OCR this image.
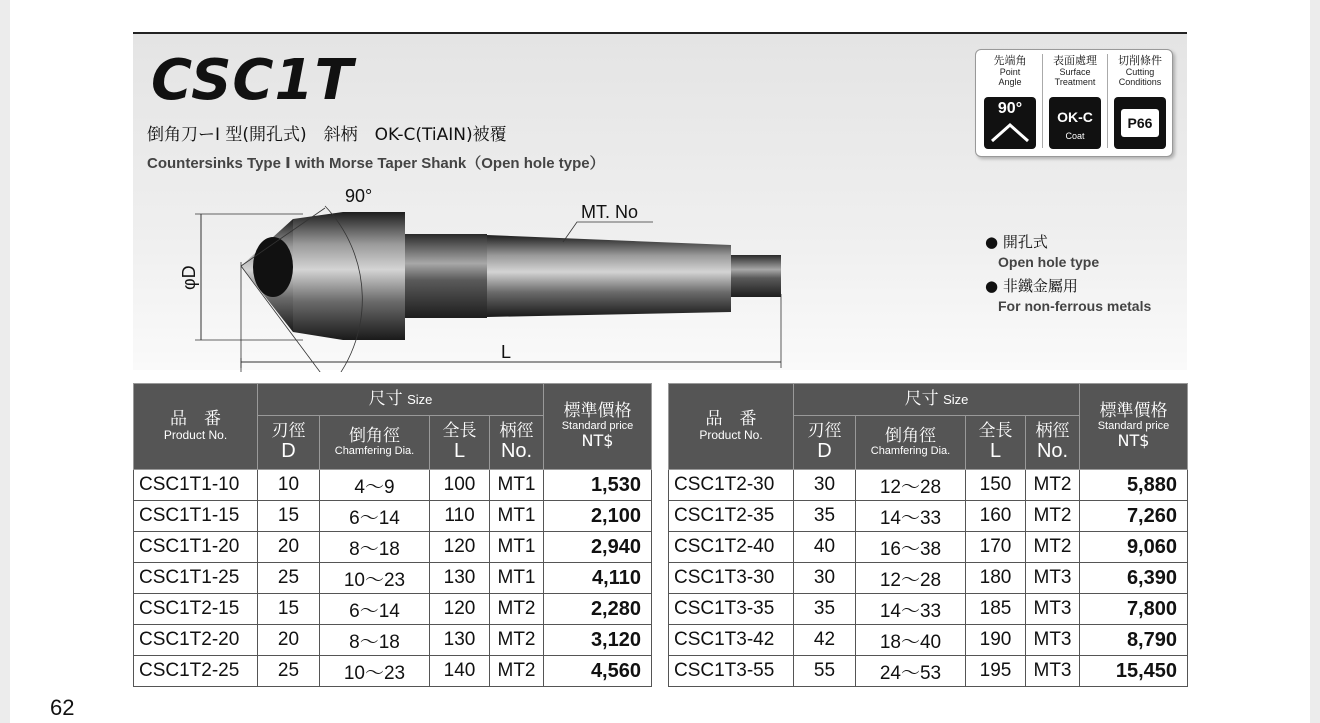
CSC1T
倒角刀ーI 型(開孔式)　斜柄　OK-C(TiAIN)被覆
Countersinks Type Ⅰ with Morse Taper Shank（Open hole type）
90°
MT. No
L
φD
先端角
Point
Angle
表面處理
Surface
Treatment
切削條件
Cutting
Conditions
90°	OK-C
Coat
P66
● 開孔式
Open hole type
● 非鐵金屬用
For non-ferrous metals
品　番
Product No.	尺寸 Size				標準價格
Standard price
NT$

	刃徑
D	倒角徑
Chamfering Dia.	全長
L	柄徑
No.	

CSC1T1-10	10	4～9	100	MT1	1,530
CSC1T1-15	15	6～14	110	MT1	2,100
CSC1T1-20	20	8～18	120	MT1	2,940
CSC1T1-25	25	10～23	130	MT1	4,110
CSC1T2-15	15	6～14	120	MT2	2,280
CSC1T2-20	20	8～18	130	MT2	3,120
CSC1T2-25	25	10～23	140	MT2	4,560
品　番
Product No.	尺寸 Size				標準價格
Standard price
NT$

	刃徑
D	倒角徑
Chamfering Dia.	全長
L	柄徑
No.	

CSC1T2-30	30	12～28	150	MT2	5,880
CSC1T2-35	35	14～33	160	MT2	7,260
CSC1T2-40	40	16～38	170	MT2	9,060
CSC1T3-30	30	12～28	180	MT3	6,390
CSC1T3-35	35	14～33	185	MT3	7,800
CSC1T3-42	42	18～40	190	MT3	8,790
CSC1T3-55	55	24～53	195	MT3	15,450
62
